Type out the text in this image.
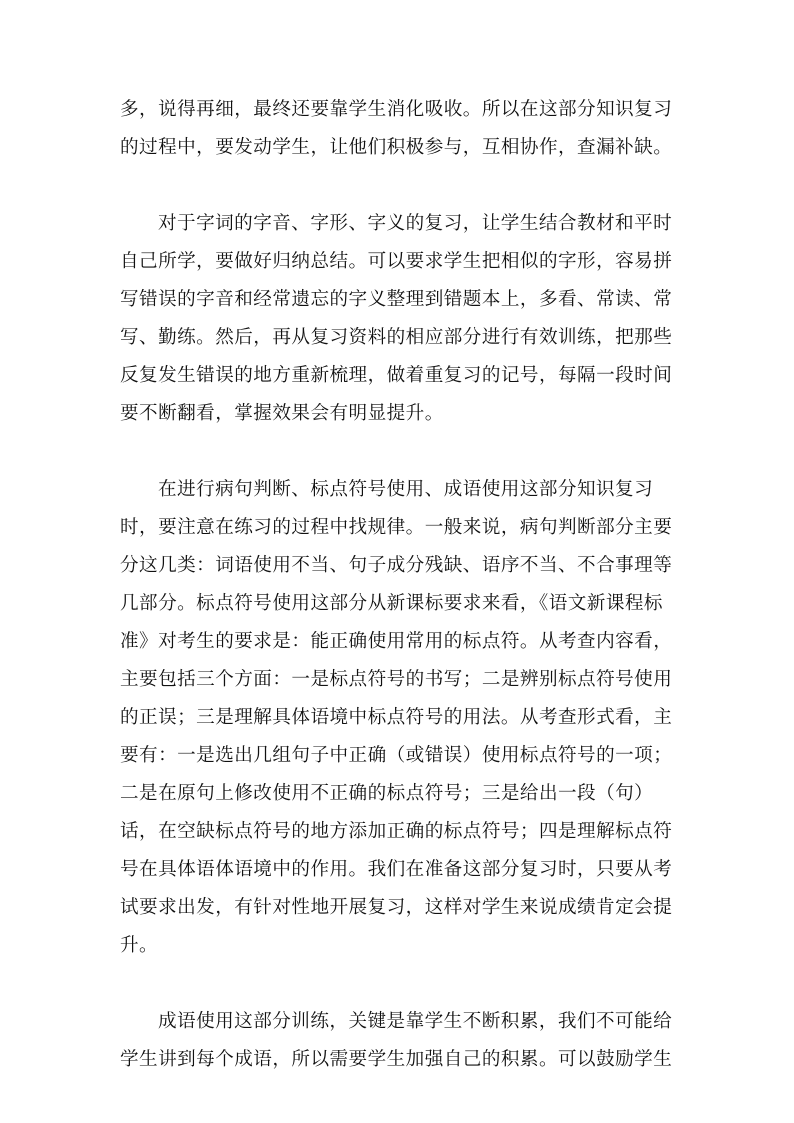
多，说得再细，最终还要靠学生消化吸收。所以在这部分知识复习
的过程中，要发动学生，让他们积极参与，互相协作，查漏补缺。
对于字词的字音、字形、字义的复习，让学生结合教材和平时
自己所学，要做好归纳总结。可以要求学生把相似的字形，容易拼
写错误的字音和经常遗忘的字义整理到错题本上，多看、常读、常
写、勤练。然后，再从复习资料的相应部分进行有效训练，把那些
反复发生错误的地方重新梳理，做着重复习的记号，每隔一段时间
要不断翻看，掌握效果会有明显提升。
在进行病句判断、标点符号使用、成语使用这部分知识复习
时，要注意在练习的过程中找规律。一般来说，病句判断部分主要
分这几类：词语使用不当、句子成分残缺、语序不当、不合事理等
几部分。标点符号使用这部分从新课标要求来看，《语文新课程标
准》对考生的要求是：能正确使用常用的标点符。从考查内容看，
主要包括三个方面：一是标点符号的书写；二是辨别标点符号使用
的正误；三是理解具体语境中标点符号的用法。从考查形式看，主
要有：一是选出几组句子中正确（或错误）使用标点符号的一项；
二是在原句上修改使用不正确的标点符号；三是给出一段（句）
话，在空缺标点符号的地方添加正确的标点符号；四是理解标点符
号在具体语体语境中的作用。我们在准备这部分复习时，只要从考
试要求出发，有针对性地开展复习，这样对学生来说成绩肯定会提
升。
成语使用这部分训练，关键是靠学生不断积累，我们不可能给
学生讲到每个成语，所以需要学生加强自己的积累。可以鼓励学生
